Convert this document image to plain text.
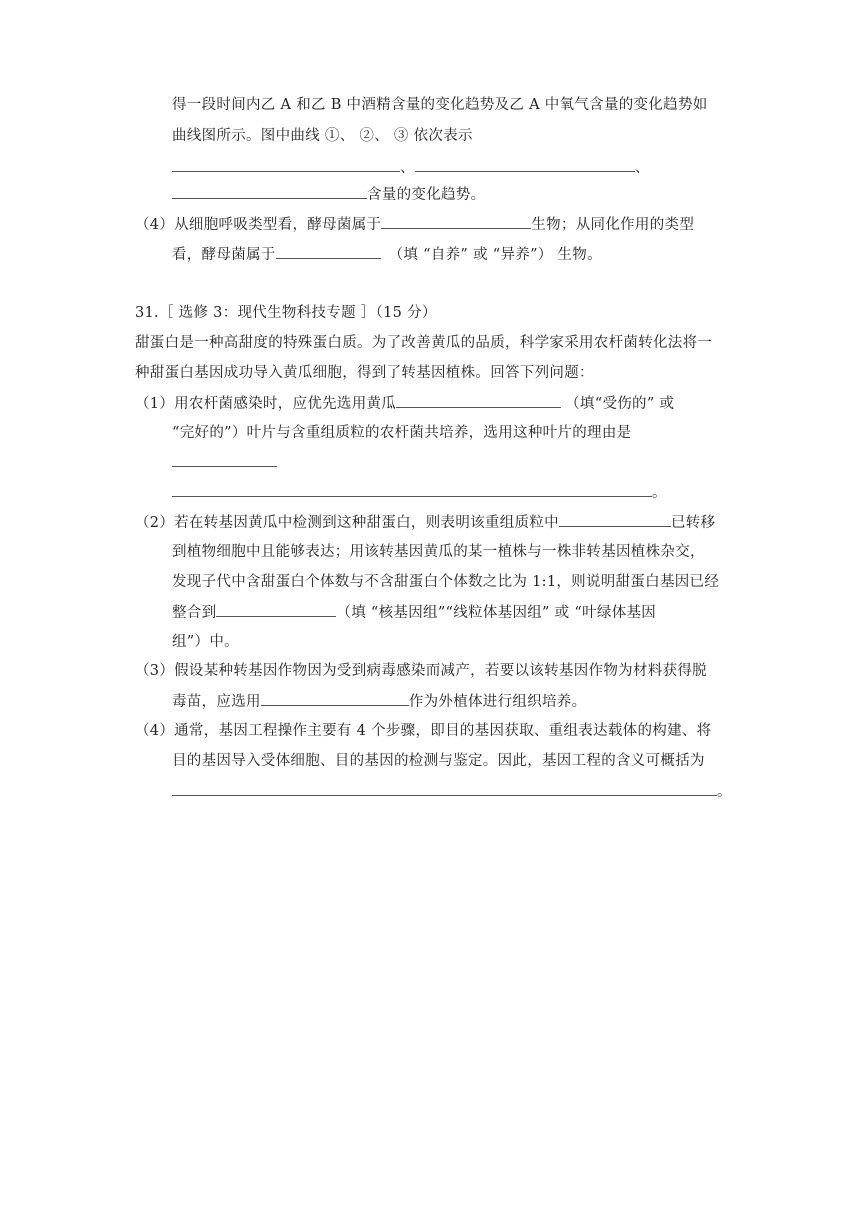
得一段时间内乙 A 和乙 B 中酒精含量的变化趋势及乙 A 中氧气含量的变化趋势如
曲线图所示。图中曲线 ①、 ②、 ③ 依次表示
、	、
含量的变化趋势。
（4）从细胞呼吸类型看，酵母菌属于	生物；从同化作用的类型
看，酵母菌属于	（填 “自养” 或 “异养”） 生物。
31.［ 选修 3：现代生物科技专题 ］（15 分）
甜蛋白是一种高甜度的特殊蛋白质。为了改善黄瓜的品质，科学家采用农杆菌转化法将一
种甜蛋白基因成功导入黄瓜细胞，得到了转基因植株。回答下列问题：
（1）用农杆菌感染时，应优先选用黄瓜	（填“受伤的” 或
“完好的”）叶片与含重组质粒的农杆菌共培养，选用这种叶片的理由是
。
（2）若在转基因黄瓜中检测到这种甜蛋白，则表明该重组质粒中	已转移
到植物细胞中且能够表达；用该转基因黄瓜的某一植株与一株非转基因植株杂交，
发现子代中含甜蛋白个体数与不含甜蛋白个体数之比为 1:1，则说明甜蛋白基因已经
整合到	（填 “核基因组”“线粒体基因组” 或 “叶绿体基因
组”）中。
（3）假设某种转基因作物因为受到病毒感染而减产，若要以该转基因作物为材料获得脱
毒苗，应选用	作为外植体进行组织培养。
（4）通常，基因工程操作主要有 4 个步骤，即目的基因获取、重组表达载体的构建、将
目的基因导入受体细胞、目的基因的检测与鉴定。因此，基因工程的含义可概括为
。
